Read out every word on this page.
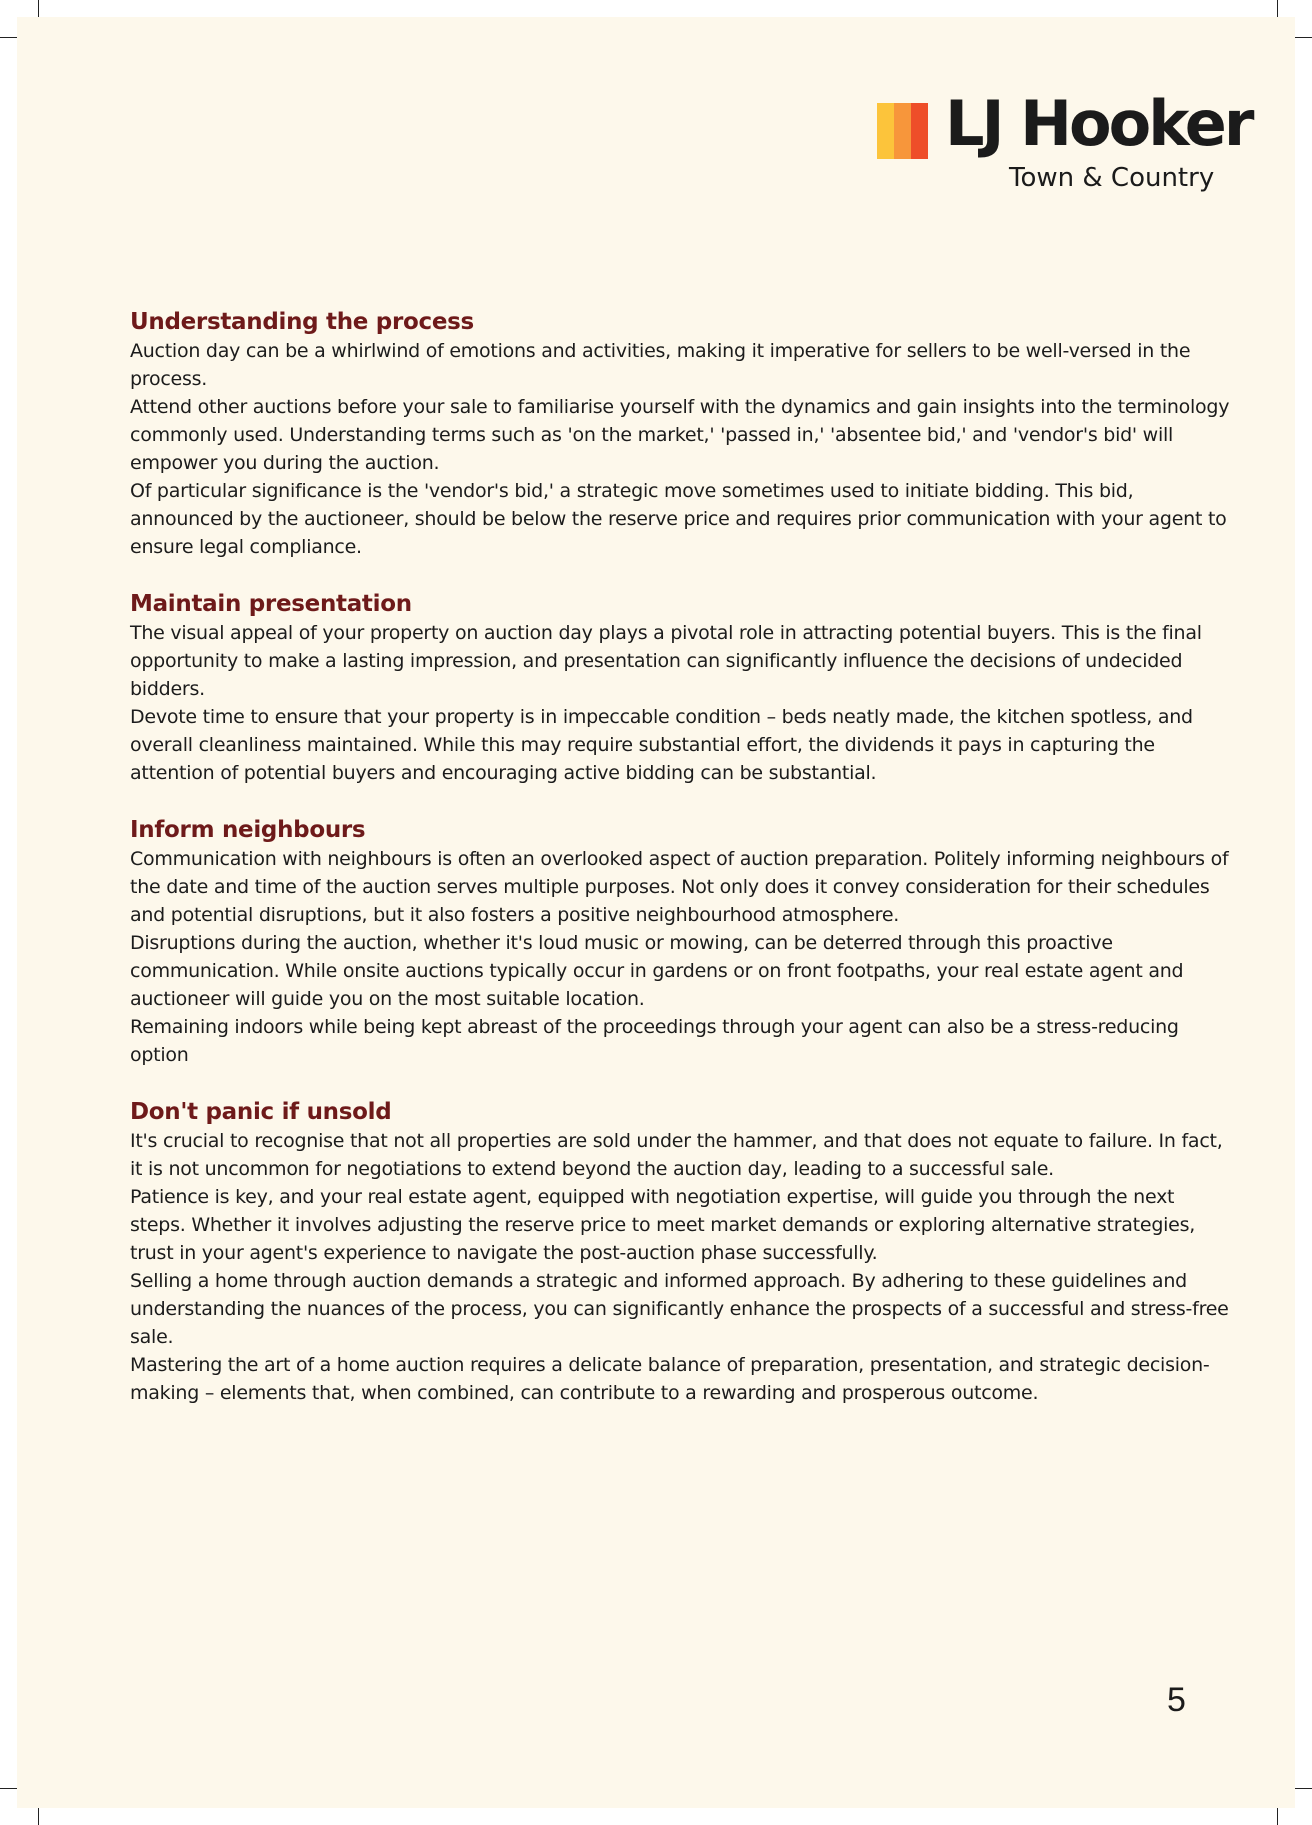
LJ Hooker
Town & Country
Understanding the process

Auction day can be a whirlwind of emotions and activities, making it imperative for sellers to be well-versed in the process.

Attend other auctions before your sale to familiarise yourself with the dynamics and gain insights into the terminology commonly used. Understanding terms such as 'on the market,' 'passed in,' 'absentee bid,' and 'vendor's bid' will empower you during the auction.

Of particular significance is the 'vendor's bid,' a strategic move sometimes used to initiate bidding. This bid, announced by the auctioneer, should be below the reserve price and requires prior communication with your agent to ensure legal compliance.

Maintain presentation

The visual appeal of your property on auction day plays a pivotal role in attracting potential buyers. This is the final opportunity to make a lasting impression, and presentation can significantly influence the decisions of undecided bidders.

Devote time to ensure that your property is in impeccable condition – beds neatly made, the kitchen spotless, and overall cleanliness maintained. While this may require substantial effort, the dividends it pays in capturing the attention of potential buyers and encouraging active bidding can be substantial.

Inform neighbours

Communication with neighbours is often an overlooked aspect of auction preparation. Politely informing neighbours of the date and time of the auction serves multiple purposes. Not only does it convey consideration for their schedules and potential disruptions, but it also fosters a positive neighbourhood atmosphere.

Disruptions during the auction, whether it's loud music or mowing, can be deterred through this proactive communication. While onsite auctions typically occur in gardens or on front footpaths, your real estate agent and auctioneer will guide you on the most suitable location.

Remaining indoors while being kept abreast of the proceedings through your agent can also be a stress-reducing option

Don't panic if unsold

It's crucial to recognise that not all properties are sold under the hammer, and that does not equate to failure. In fact, it is not uncommon for negotiations to extend beyond the auction day, leading to a successful sale.

Patience is key, and your real estate agent, equipped with negotiation expertise, will guide you through the next steps. Whether it involves adjusting the reserve price to meet market demands or exploring alternative strategies, trust in your agent's experience to navigate the post-auction phase successfully.

Selling a home through auction demands a strategic and informed approach. By adhering to these guidelines and understanding the nuances of the process, you can significantly enhance the prospects of a successful and stress-free sale.

Mastering the art of a home auction requires a delicate balance of preparation, presentation, and strategic decision-making – elements that, when combined, can contribute to a rewarding and prosperous outcome.

5
